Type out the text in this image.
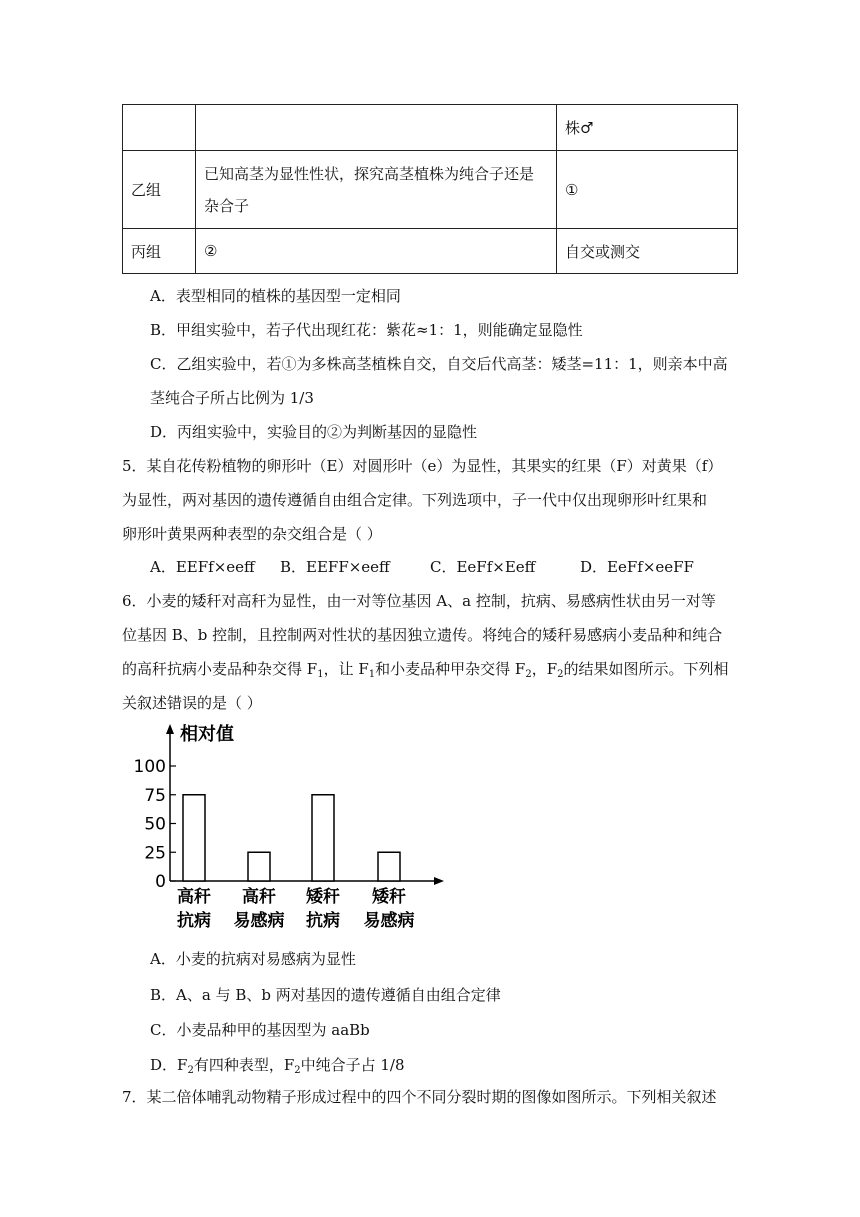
		株♂
乙组	已知高茎为显性性状，探究高茎植株为纯合子还是杂合子	①
丙组	②	自交或测交
A．表型相同的植株的基因型一定相同
B．甲组实验中，若子代出现红花：紫花≈1：1，则能确定显隐性
C．乙组实验中，若①为多株高茎植株自交，自交后代高茎：矮茎=11：1，则亲本中高
茎纯合子所占比例为 1/3
D．丙组实验中，实验目的②为判断基因的显隐性
5．某自花传粉植物的卵形叶（E）对圆形叶（e）为显性，其果实的红果（F）对黄果（f）
为显性，两对基因的遗传遵循自由组合定律。下列选项中，子一代中仅出现卵形叶红果和
卵形叶黄果两种表型的杂交组合是（ ）
A．EEFf×eeff B．EEFF×eeff	C．EeFf×Eeff	D．EeFf×eeFF
6．小麦的矮秆对高秆为显性，由一对等位基因 A、a 控制，抗病、易感病性状由另一对等
位基因 B、b 控制，且控制两对性状的基因独立遗传。将纯合的矮秆易感病小麦品种和纯合
的高秆抗病小麦品种杂交得 $F_1$，让 $F_1$和小麦品种甲杂交得 $F_2$，$F_2$的结果如图所示。下列相
关叙述错误的是（ ）
相对值
0
25
50
75
100
高秆
抗病
高秆
易感病
矮秆
抗病
矮秆
易感病
A．小麦的抗病对易感病为显性
B．A、a 与 B、b 两对基因的遗传遵循自由组合定律
C．小麦品种甲的基因型为 aaBb
D．$F_2$有四种表型，$F_2$中纯合子占 1/8
7．某二倍体哺乳动物精子形成过程中的四个不同分裂时期的图像如图所示。下列相关叙述
